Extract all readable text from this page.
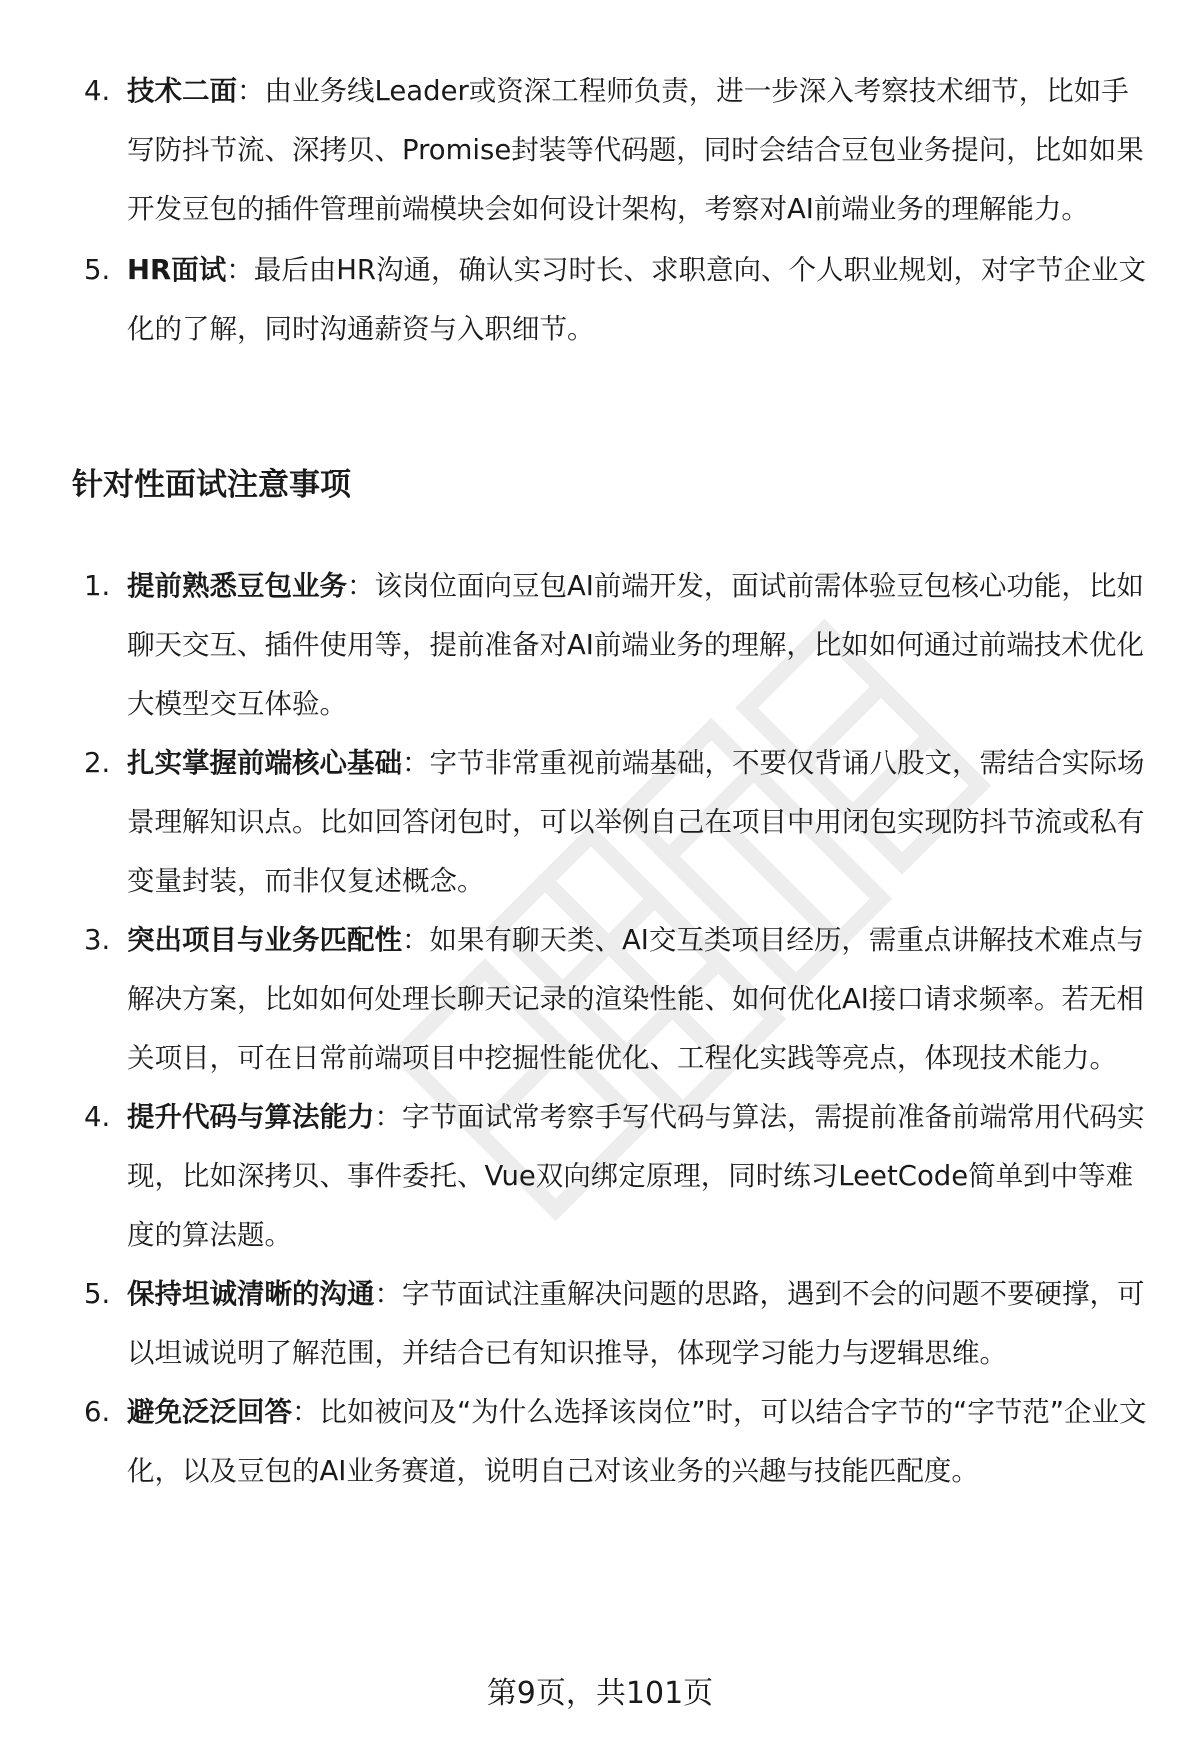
4. 技术二面：由业务线Leader或资深工程师负责，进一步深入考察技术细节，比如手写防抖节流、深拷贝、Promise封装等代码题，同时会结合豆包业务提问，比如如果开发豆包的插件管理前端模块会如何设计架构，考察对AI前端业务的理解能力。
5. HR面试：最后由HR沟通，确认实习时长、求职意向、个人职业规划，对字节企业文化的了解，同时沟通薪资与入职细节。
针对性面试注意事项
1. 提前熟悉豆包业务：该岗位面向豆包AI前端开发，面试前需体验豆包核心功能，比如聊天交互、插件使用等，提前准备对AI前端业务的理解，比如如何通过前端技术优化大模型交互体验。
2. 扎实掌握前端核心基础：字节非常重视前端基础，不要仅背诵八股文，需结合实际场景理解知识点。比如回答闭包时，可以举例自己在项目中用闭包实现防抖节流或私有变量封装，而非仅复述概念。
3. 突出项目与业务匹配性：如果有聊天类、AI交互类项目经历，需重点讲解技术难点与解决方案，比如如何处理长聊天记录的渲染性能、如何优化AI接口请求频率。若无相关项目，可在日常前端项目中挖掘性能优化、工程化实践等亮点，体现技术能力。
4. 提升代码与算法能力：字节面试常考察手写代码与算法，需提前准备前端常用代码实现，比如深拷贝、事件委托、Vue双向绑定原理，同时练习LeetCode简单到中等难度的算法题。
5. 保持坦诚清晰的沟通：字节面试注重解决问题的思路，遇到不会的问题不要硬撑，可以坦诚说明了解范围，并结合已有知识推导，体现学习能力与逻辑思维。
6. 避免泛泛回答：比如被问及“为什么选择该岗位”时，可以结合字节的“字节范”企业文化，以及豆包的AI业务赛道，说明自己对该业务的兴趣与技能匹配度。
第9页，共101页
